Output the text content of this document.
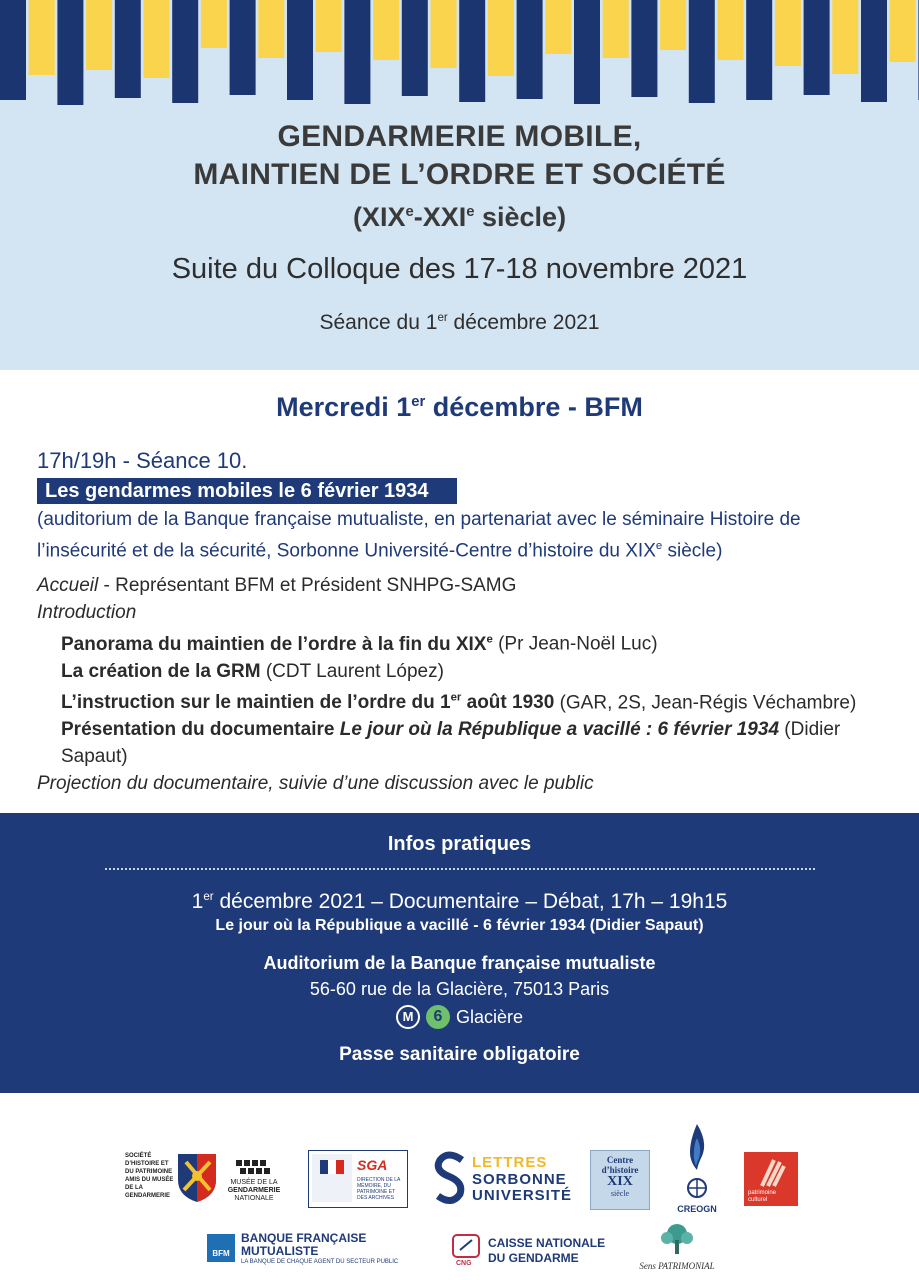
GENDARMERIE MOBILE,
MAINTIEN DE L’ORDRE ET SOCIÉTÉ
(XIXe-XXIe siècle)
Suite du Colloque des 17-18 novembre 2021
Séance du 1er décembre 2021
Mercredi 1er décembre - BFM
17h/19h - Séance 10.
Les gendarmes mobiles le 6 février 1934
(auditorium de la Banque française mutualiste, en partenariat avec le séminaire Histoire de
l’insécurité et de la sécurité, Sorbonne Université-Centre d’histoire du XIXe siècle)
Accueil - Représentant BFM et Président SNHPG-SAMG
Introduction
Panorama du maintien de l’ordre à la fin du XIXe (Pr Jean-Noël Luc)
La création de la GRM (CDT Laurent López)
L’instruction sur le maintien de l’ordre du 1er août 1930 (GAR, 2S, Jean-Régis Véchambre)
Présentation du documentaire Le jour où la République a vacillé : 6 février 1934 (Didier Sapaut)
Projection du documentaire, suivie d’une discussion avec le public
Infos pratiques
1er décembre 2021 – Documentaire – Débat, 17h – 19h15
Le jour où la République a vacillé - 6 février 1934 (Didier Sapaut)
Auditorium de la Banque française mutualiste
56-60 rue de la Glacière, 75013 Paris
M	6 Glacière
Passe sanitaire obligatoire
SOCIÉTÉ
D’HISTOIRE ET
DU PATRIMOINE
AMIS DU MUSÉE
DE LA GENDARMERIE
MUSÉE DE LA
GENDARMERIE
NATIONALE
SGA
DIRECTION DE LA MÉMOIRE, DU PATRIMOINE ET DES ARCHIVES
LETTRES
SORBONNE
UNIVERSITÉ
Centre
d’histoire
XIX
siècle

CREOGN
patrimoine culturel
BFM
BANQUE FRANÇAISE
MUTUALISTE
LA BANQUE DE CHAQUE AGENT DU SECTEUR PUBLIC	CNG
CAISSE NATIONALE
DU GENDARME
Sens PATRIMONIAL
